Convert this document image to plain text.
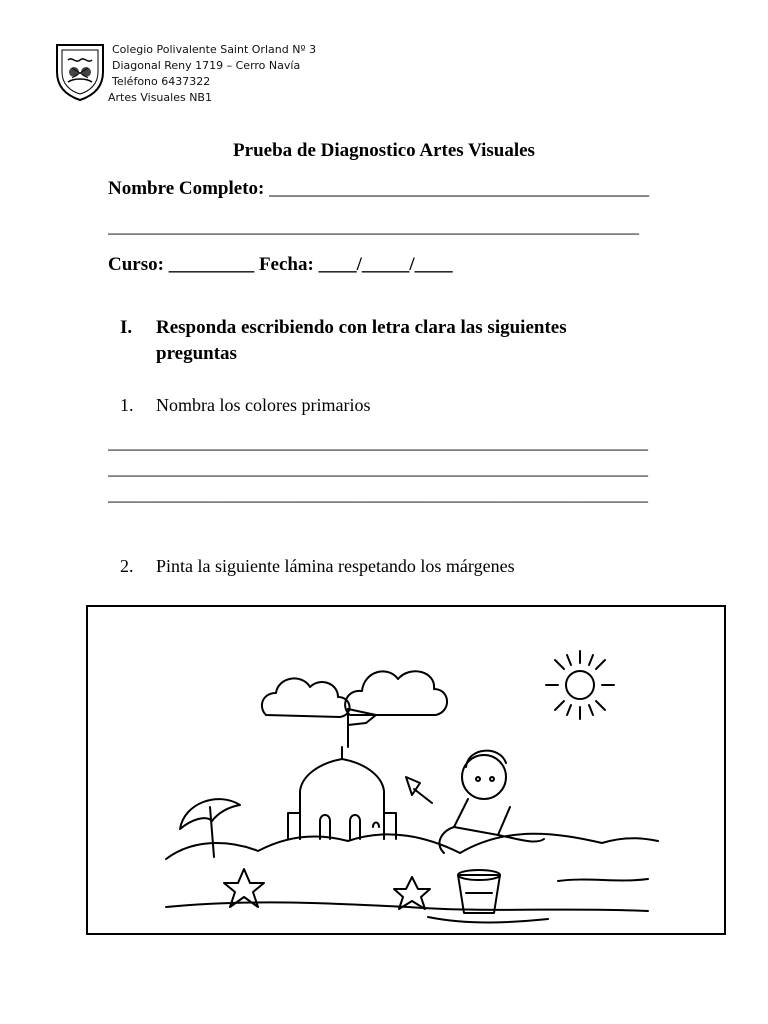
Colegio Polivalente Saint Orland Nº 3
Diagonal Reny 1719 – Cerro Navía
Teléfono 6437322
Artes Visuales NB1
Prueba de Diagnostico Artes Visuales
Nombre Completo: ________________________________________
___________________________________________________________
Curso: _________ Fecha: ____/_____/____
I. Responda escribiendo con letra clara las siguientes
preguntas
1. Nombra los colores primarios
____________________________________________________________
____________________________________________________________
____________________________________________________________
2. Pinta la siguiente lámina respetando los márgenes
